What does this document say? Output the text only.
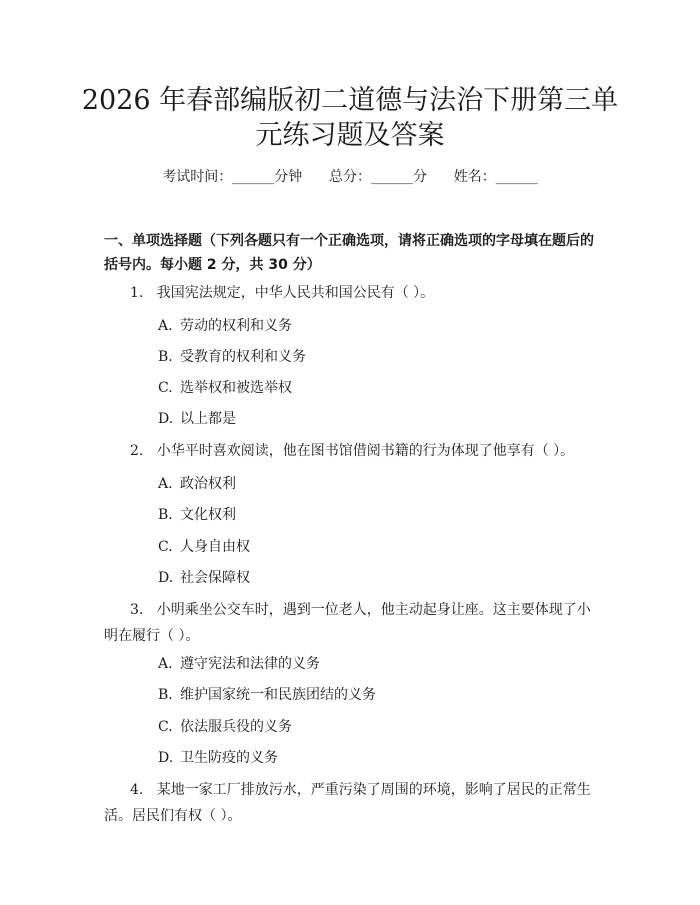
2026 年春部编版初二道德与法治下册第三单
元练习题及答案
考试时间：______分钟      总分：______分      姓名：______
一、单项选择题（下列各题只有一个正确选项，请将正确选项的字母填在题后的括号内。每小题 2 分，共 30 分）
1. 我国宪法规定，中华人民共和国公民有（ ）。
A. 劳动的权利和义务
B. 受教育的权利和义务
C. 选举权和被选举权
D. 以上都是
2. 小华平时喜欢阅读，他在图书馆借阅书籍的行为体现了他享有（ ）。
A. 政治权利
B. 文化权利
C. 人身自由权
D. 社会保障权
3. 小明乘坐公交车时，遇到一位老人，他主动起身让座。这主要体现了小明在履行（ ）。
A. 遵守宪法和法律的义务
B. 维护国家统一和民族团结的义务
C. 依法服兵役的义务
D. 卫生防疫的义务
4. 某地一家工厂排放污水，严重污染了周围的环境，影响了居民的正常生活。居民们有权（ ）。
